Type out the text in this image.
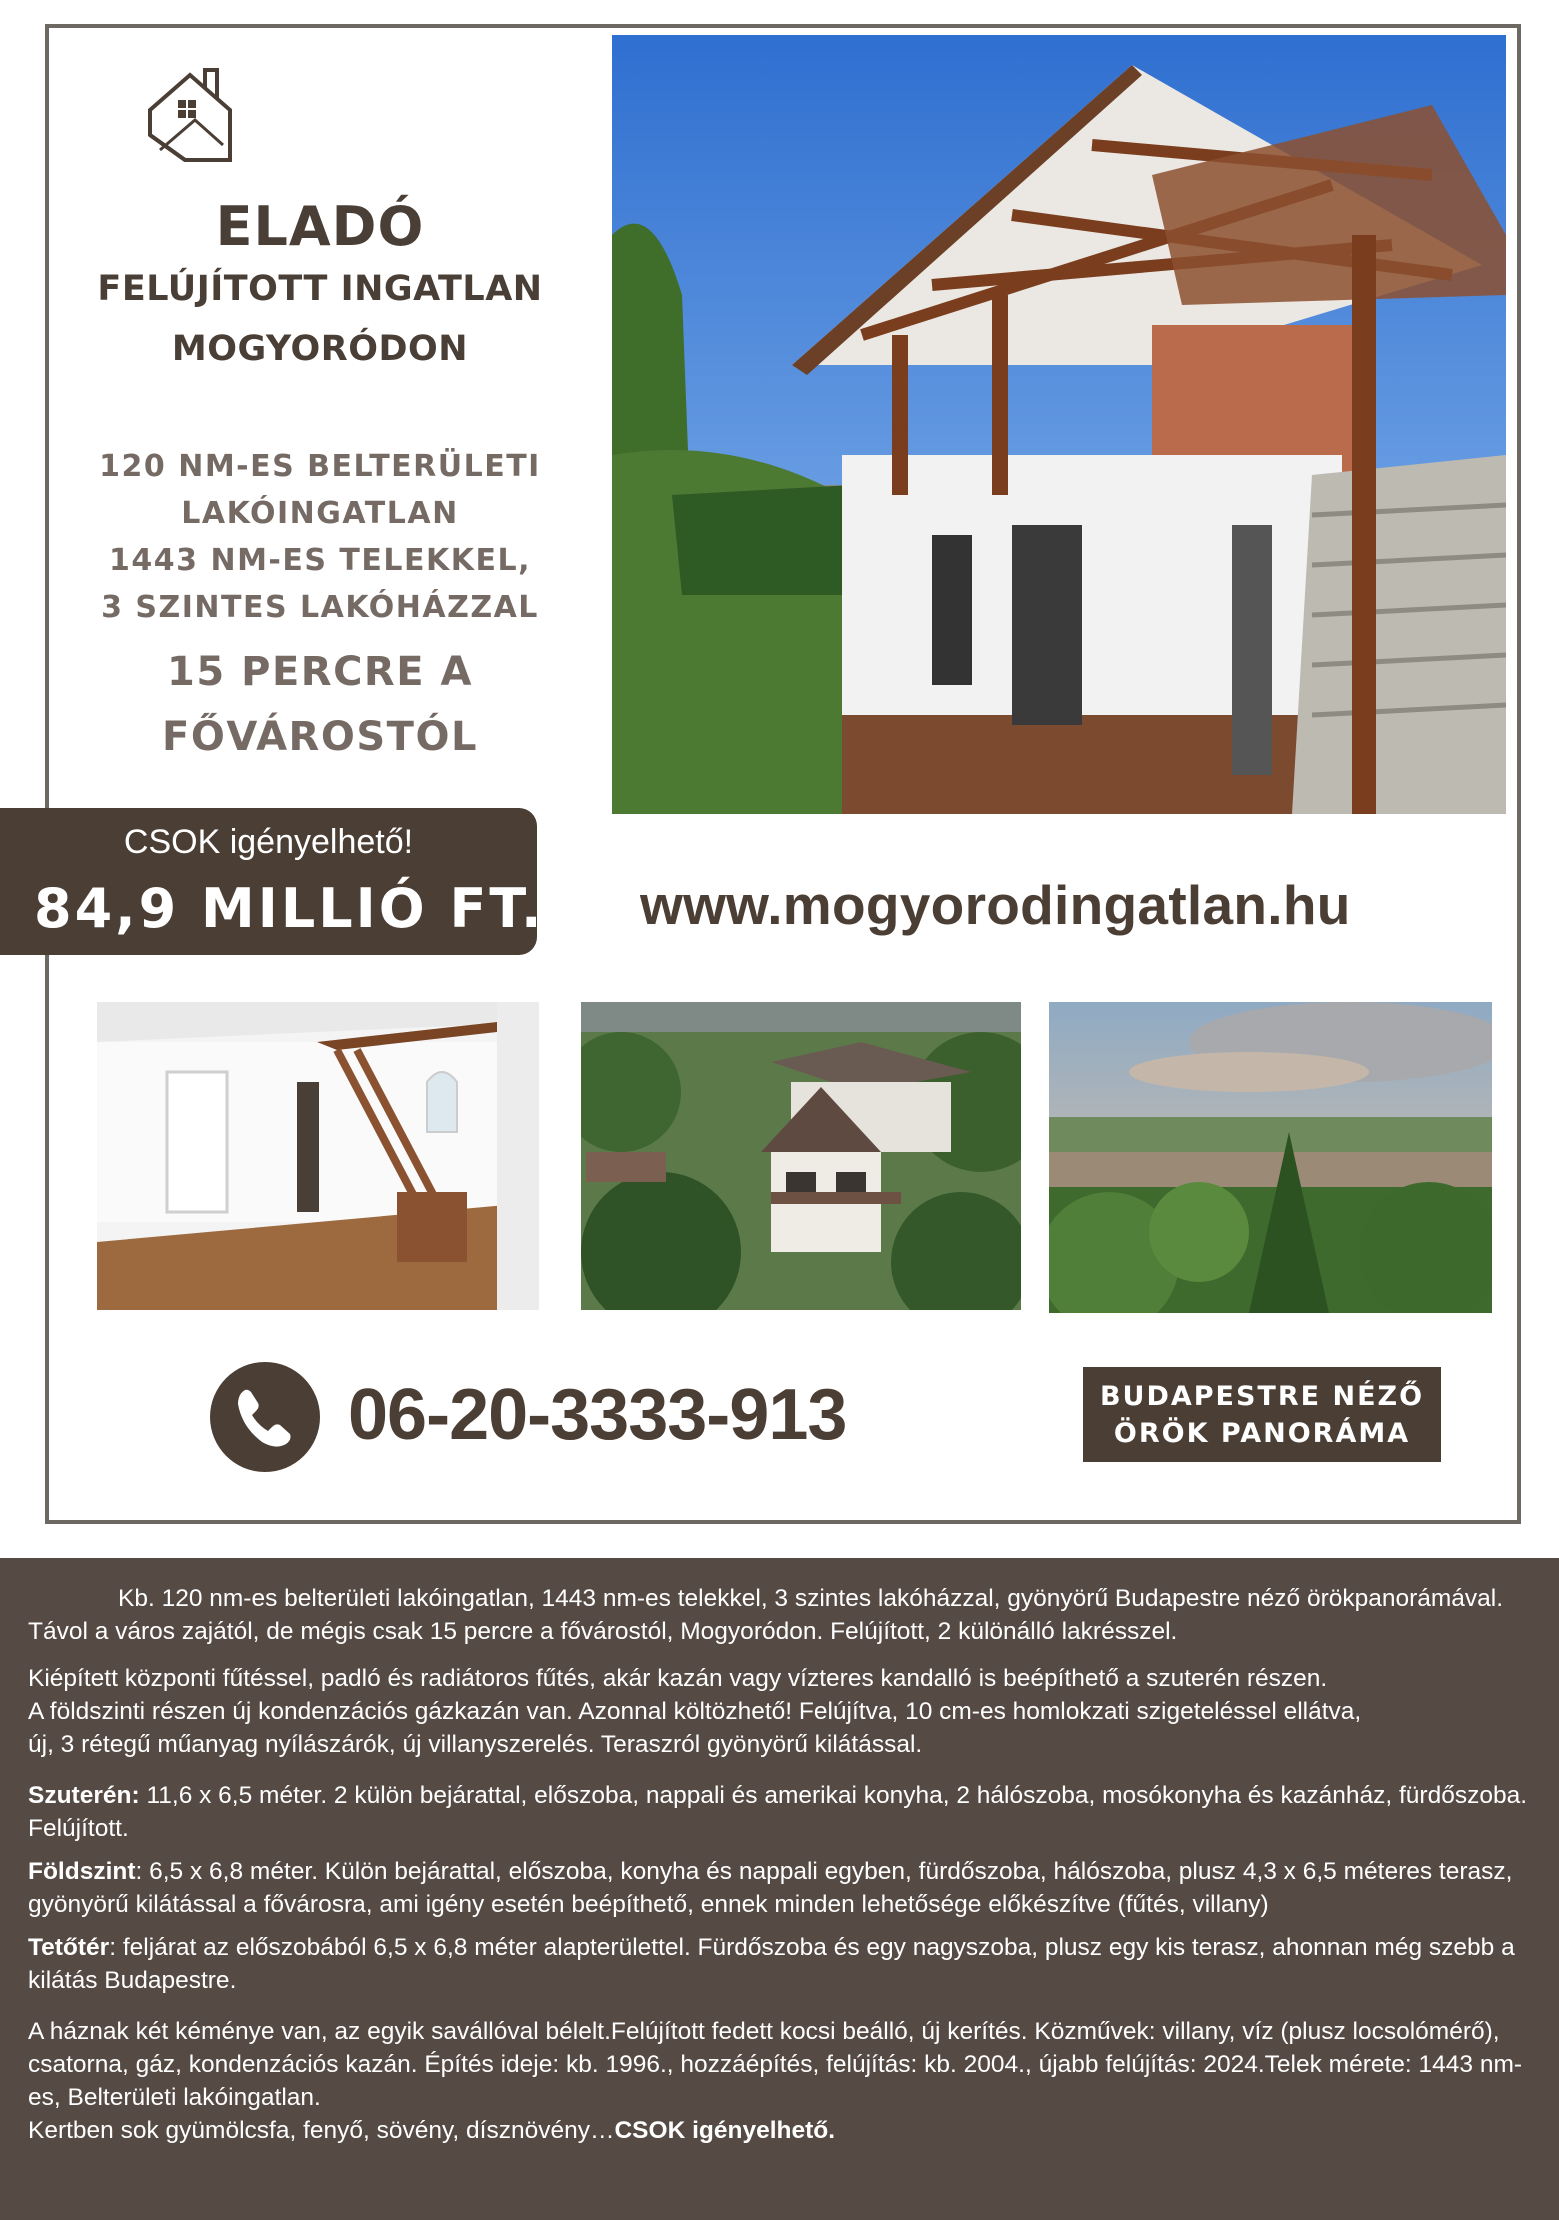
ELADÓ
FELÚJÍTOTT INGATLAN
MOGYORÓDON
120 NM-ES BELTERÜLETI
LAKÓINGATLAN
1443 NM-ES TELEKKEL,
3 SZINTES LAKÓHÁZZAL
15 PERCRE A
FŐVÁROSTÓL
CSOK igényelhető!
84,9 MILLIÓ FT. www.mogyorodingatlan.hu
06-20-3333-913	BUDAPESTRE NÉZŐ
ÖRÖK PANORÁMA

Kb. 120 nm-es belterületi lakóingatlan, 1443 nm-es telekkel, 3 szintes lakóházzal, gyönyörű Budapestre néző örökpanorámával. Távol a város zajától, de mégis csak 15 percre a fővárostól, Mogyoródon. Felújított, 2 különálló lakrésszel.

Kiépített központi fűtéssel, padló és radiátoros fűtés, akár kazán vagy vízteres kandalló is beépíthető a szuterén részen.
A földszinti részen új kondenzációs gázkazán van. Azonnal költözhető! Felújítva, 10 cm-es homlokzati szigeteléssel ellátva,
új, 3 rétegű műanyag nyílászárók, új villanyszerelés. Teraszról gyönyörű kilátással.

Szuterén: 11,6 x 6,5 méter. 2 külön bejárattal, előszoba, nappali és amerikai konyha, 2 hálószoba, mosókonyha és kazánház, fürdőszoba. Felújított.

Földszint: 6,5 x 6,8 méter. Külön bejárattal, előszoba, konyha és nappali egyben, fürdőszoba, hálószoba, plusz 4,3 x 6,5 méteres terasz, gyönyörű kilátással a fővárosra, ami igény esetén beépíthető, ennek minden lehetősége előkészítve (fűtés, villany)

Tetőtér: feljárat az előszobából 6,5 x 6,8 méter alapterülettel. Fürdőszoba és egy nagyszoba, plusz egy kis terasz, ahonnan még szebb a kilátás Budapestre.

A háznak két kéménye van, az egyik savállóval bélelt.Felújított fedett kocsi beálló, új kerítés. Közművek: villany, víz (plusz locsolómérő), csatorna, gáz, kondenzációs kazán. Építés ideje: kb. 1996., hozzáépítés, felújítás: kb. 2004., újabb felújítás: 2024.Telek mérete: 1443 nm-es, Belterületi lakóingatlan.

Kertben sok gyümölcsfa, fenyő, sövény, dísznövény…CSOK igényelhető.
